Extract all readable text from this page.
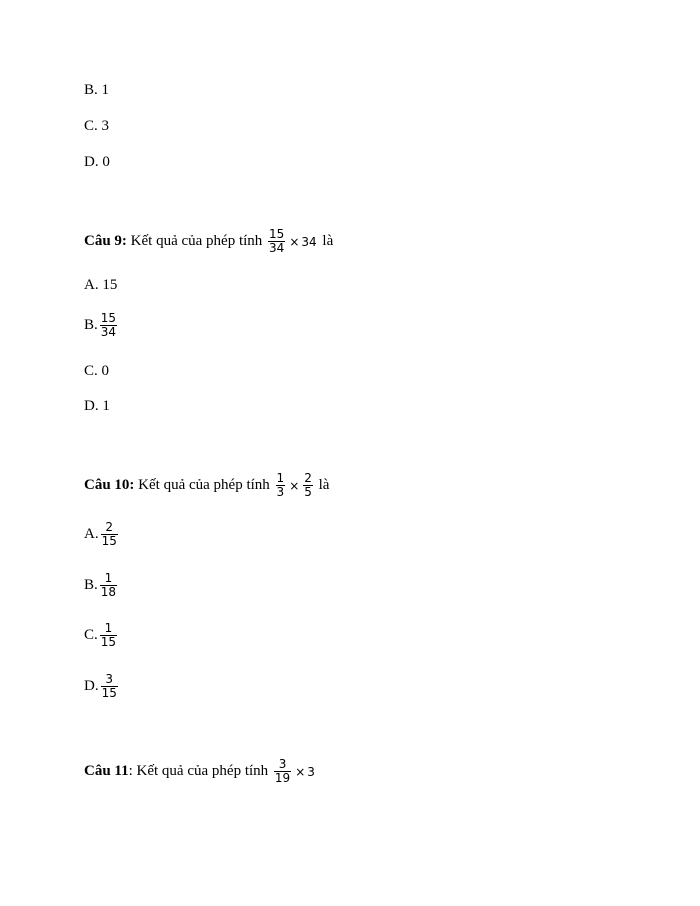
B.
1
C.
3
D.
0
Câu 9: Kết quả của phép tính $\frac{15}{34} \times 34$ là
A.
15
B. $\frac{15}{34}$
C.
0
D.
1
Câu 10: Kết quả của phép tính $\frac{1}{3} \times \frac{2}{5}$ là
A. $\frac{2}{15}$
B. $\frac{1}{18}$
C. $\frac{1}{15}$
D. $\frac{3}{15}$
Câu 11 : Kết quả của phép tính $\frac{3}{19} \times 3$
